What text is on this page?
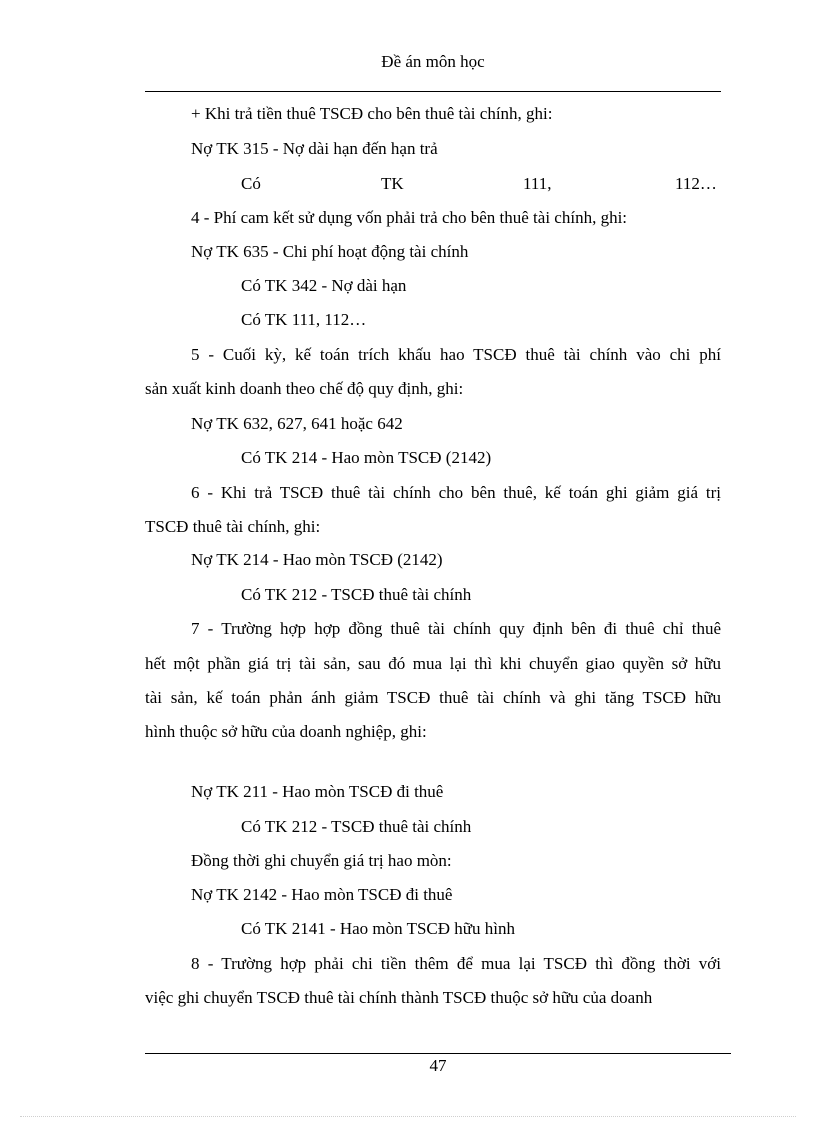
Đề án môn học
+ Khi trả tiền thuê TSCĐ cho bên thuê tài chính, ghi:
Nợ TK 315 - Nợ dài hạn đến hạn trả
Có	TK	111,	112…
4 - Phí cam kết sử dụng vốn phải trả cho bên thuê tài chính, ghi:
Nợ TK 635 - Chi phí hoạt động tài chính
Có TK 342 - Nợ dài hạn
Có TK 111, 112…
5 - Cuối kỳ, kế toán trích khấu hao TSCĐ thuê tài chính vào chi phí
sản xuất kinh doanh theo chế độ quy định, ghi:
Nợ TK 632, 627, 641 hoặc 642
Có TK 214 - Hao mòn TSCĐ (2142)
6 - Khi trả TSCĐ thuê tài chính cho bên thuê, kế toán ghi giảm giá trị
TSCĐ thuê tài chính, ghi:
Nợ TK 214 - Hao mòn TSCĐ (2142)
Có TK 212 - TSCĐ thuê tài chính
7 - Trường hợp hợp đồng thuê tài chính quy định bên đi thuê chỉ thuê
hết một phần giá trị tài sản, sau đó mua lại thì khi chuyển giao quyền sở hữu
tài sản, kế toán phản ánh giảm TSCĐ thuê tài chính và ghi tăng TSCĐ hữu
hình thuộc sở hữu của doanh nghiệp, ghi:
Nợ TK 211 - Hao mòn TSCĐ đi thuê
Có TK 212 - TSCĐ thuê tài chính
Đồng thời ghi chuyển giá trị hao mòn:
Nợ TK 2142 - Hao mòn TSCĐ đi thuê
Có TK 2141 - Hao mòn TSCĐ hữu hình
8 - Trường hợp phải chi tiền thêm để mua lại TSCĐ thì đồng thời với
việc ghi chuyển TSCĐ thuê tài chính thành TSCĐ thuộc sở hữu của doanh
47
